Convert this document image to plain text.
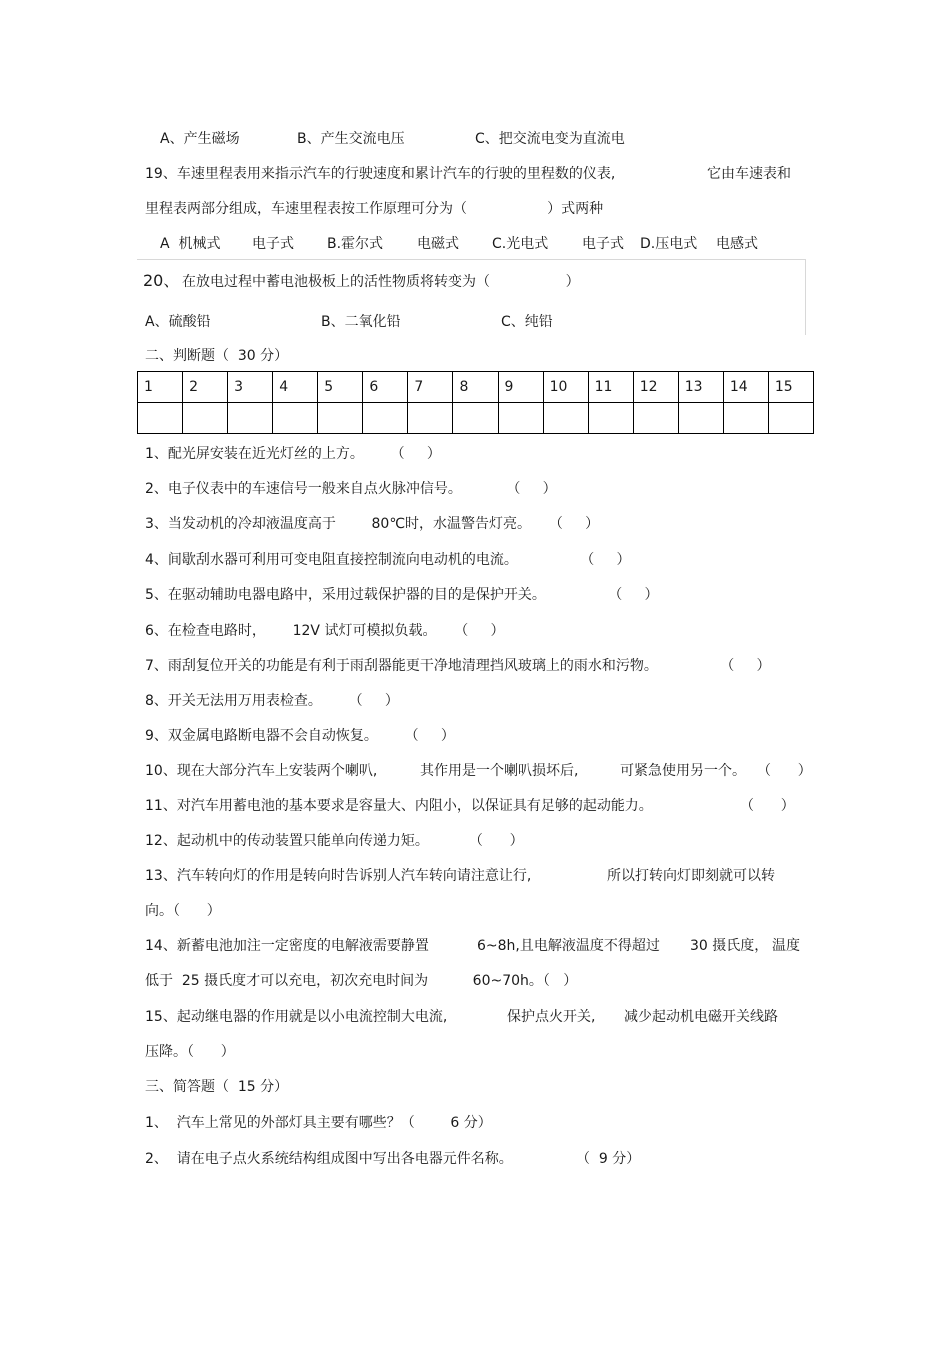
A、产生磁场	B、产生交流电压	C、把交流电变为直流电
19、车速里程表用来指示汽车的行驶速度和累计汽车的行驶的里程数的仪表,	它由车速表和
里程表两部分组成，车速里程表按工作原理可分为（                  ）式两种
A  机械式 电子式 B.霍尔式 电磁式 C.光电式 电子式 D.压电式 电感式
20、 在放电过程中蓄电池极板上的活性物质将转变为（                 ）
A、硫酸铅	B、二氧化铅	C、纯铅
二、判断题（  30 分）
1	2	3	4	5	6	7	8	9	10	11	12	13	14	15

1、配光屏安装在近光灯丝的上方。      （     ）
2、电子仪表中的车速信号一般来自点火脉冲信号。          （     ）
3、当发动机的冷却液温度高于        80℃时，水温警告灯亮。    （     ）
4、间歇刮水器可利用可变电阻直接控制流向电动机的电流。              （     ）
5、在驱动辅助电器电路中，采用过载保护器的目的是保护开关。              （     ）
6、在检查电路时，      12V 试灯可模拟负载。    （     ）
7、雨刮复位开关的功能是有利于雨刮器能更干净地清理挡风玻璃上的雨水和污物。              （     ）
8、开关无法用万用表检查。      （     ）
9、双金属电路断电器不会自动恢复。      （     ）
10、现在大部分汽车上安装两个喇叭,	其作用是一个喇叭损坏后,	可紧急使用另一个。 （      ）
11、对汽车用蓄电池的基本要求是容量大、内阻小，以保证具有足够的起动能力。	（      ）
12、起动机中的传动装置只能单向传递力矩。         （      ）
13、汽车转向灯的作用是转向时告诉别人汽车转向请注意让行,	所以打转向灯即刻就可以转
向。（      ）
14、新蓄电池加注一定密度的电解液需要静置	6~8h,且电解液温度不得超过 30 摄氏度， 温度
低于  25 摄氏度才可以充电，初次充电时间为          60~70h。（   ）
15、起动继电器的作用就是以小电流控制大电流,	保护点火开关, 减少起动机电磁开关线路
压降。（      ）
三、简答题（  15 分）
1、  汽车上常见的外部灯具主要有哪些？（        6 分）
2、  请在电子点火系统结构组成图中写出各电器元件名称。	（  9 分）
